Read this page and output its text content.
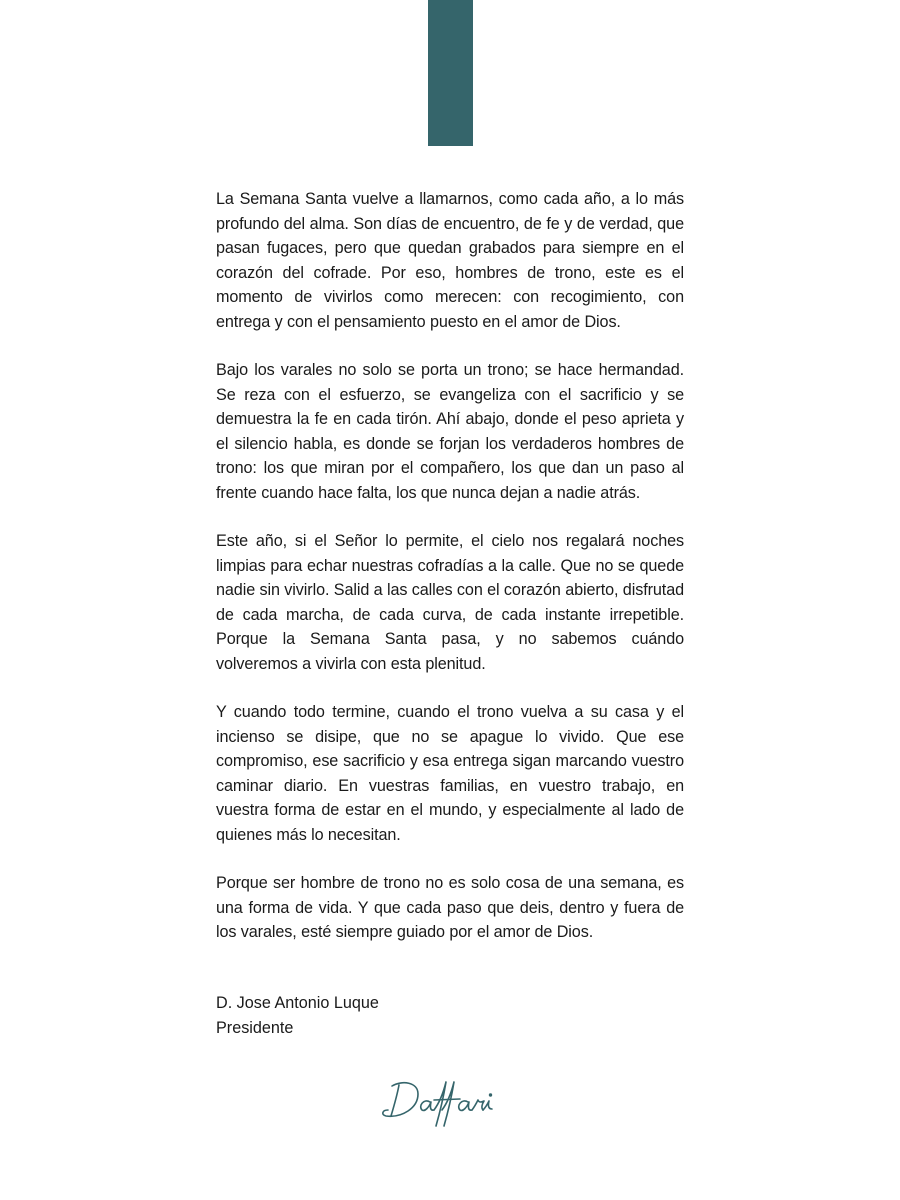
La Semana Santa vuelve a llamarnos, como cada año, a lo más profundo del alma. Son días de encuentro, de fe y de verdad, que pasan fugaces, pero que quedan grabados para siempre en el corazón del cofrade. Por eso, hombres de trono, este es el momento de vivirlos como merecen: con recogimiento, con entrega y con el pensamiento puesto en el amor de Dios.

Bajo los varales no solo se porta un trono; se hace hermandad. Se reza con el esfuerzo, se evangeliza con el sacrificio y se demuestra la fe en cada tirón. Ahí abajo, donde el peso aprieta y el silencio habla, es donde se forjan los verdaderos hombres de trono: los que miran por el compañero, los que dan un paso al frente cuando hace falta, los que nunca dejan a nadie atrás.

Este año, si el Señor lo permite, el cielo nos regalará noches limpias para echar nuestras cofradías a la calle. Que no se quede nadie sin vivirlo. Salid a las calles con el corazón abierto, disfrutad de cada marcha, de cada curva, de cada instante irrepetible. Porque la Semana Santa pasa, y no sabemos cuándo volveremos a vivirla con esta plenitud.

Y cuando todo termine, cuando el trono vuelva a su casa y el incienso se disipe, que no se apague lo vivido. Que ese compromiso, ese sacrificio y esa entrega sigan marcando vuestro caminar diario. En vuestras familias, en vuestro trabajo, en vuestra forma de estar en el mundo, y especialmente al lado de quienes más lo necesitan.

Porque ser hombre de trono no es solo cosa de una semana, es una forma de vida. Y que cada paso que deis, dentro y fuera de los varales, esté siempre guiado por el amor de Dios.

D. Jose Antonio Luque
Presidente
